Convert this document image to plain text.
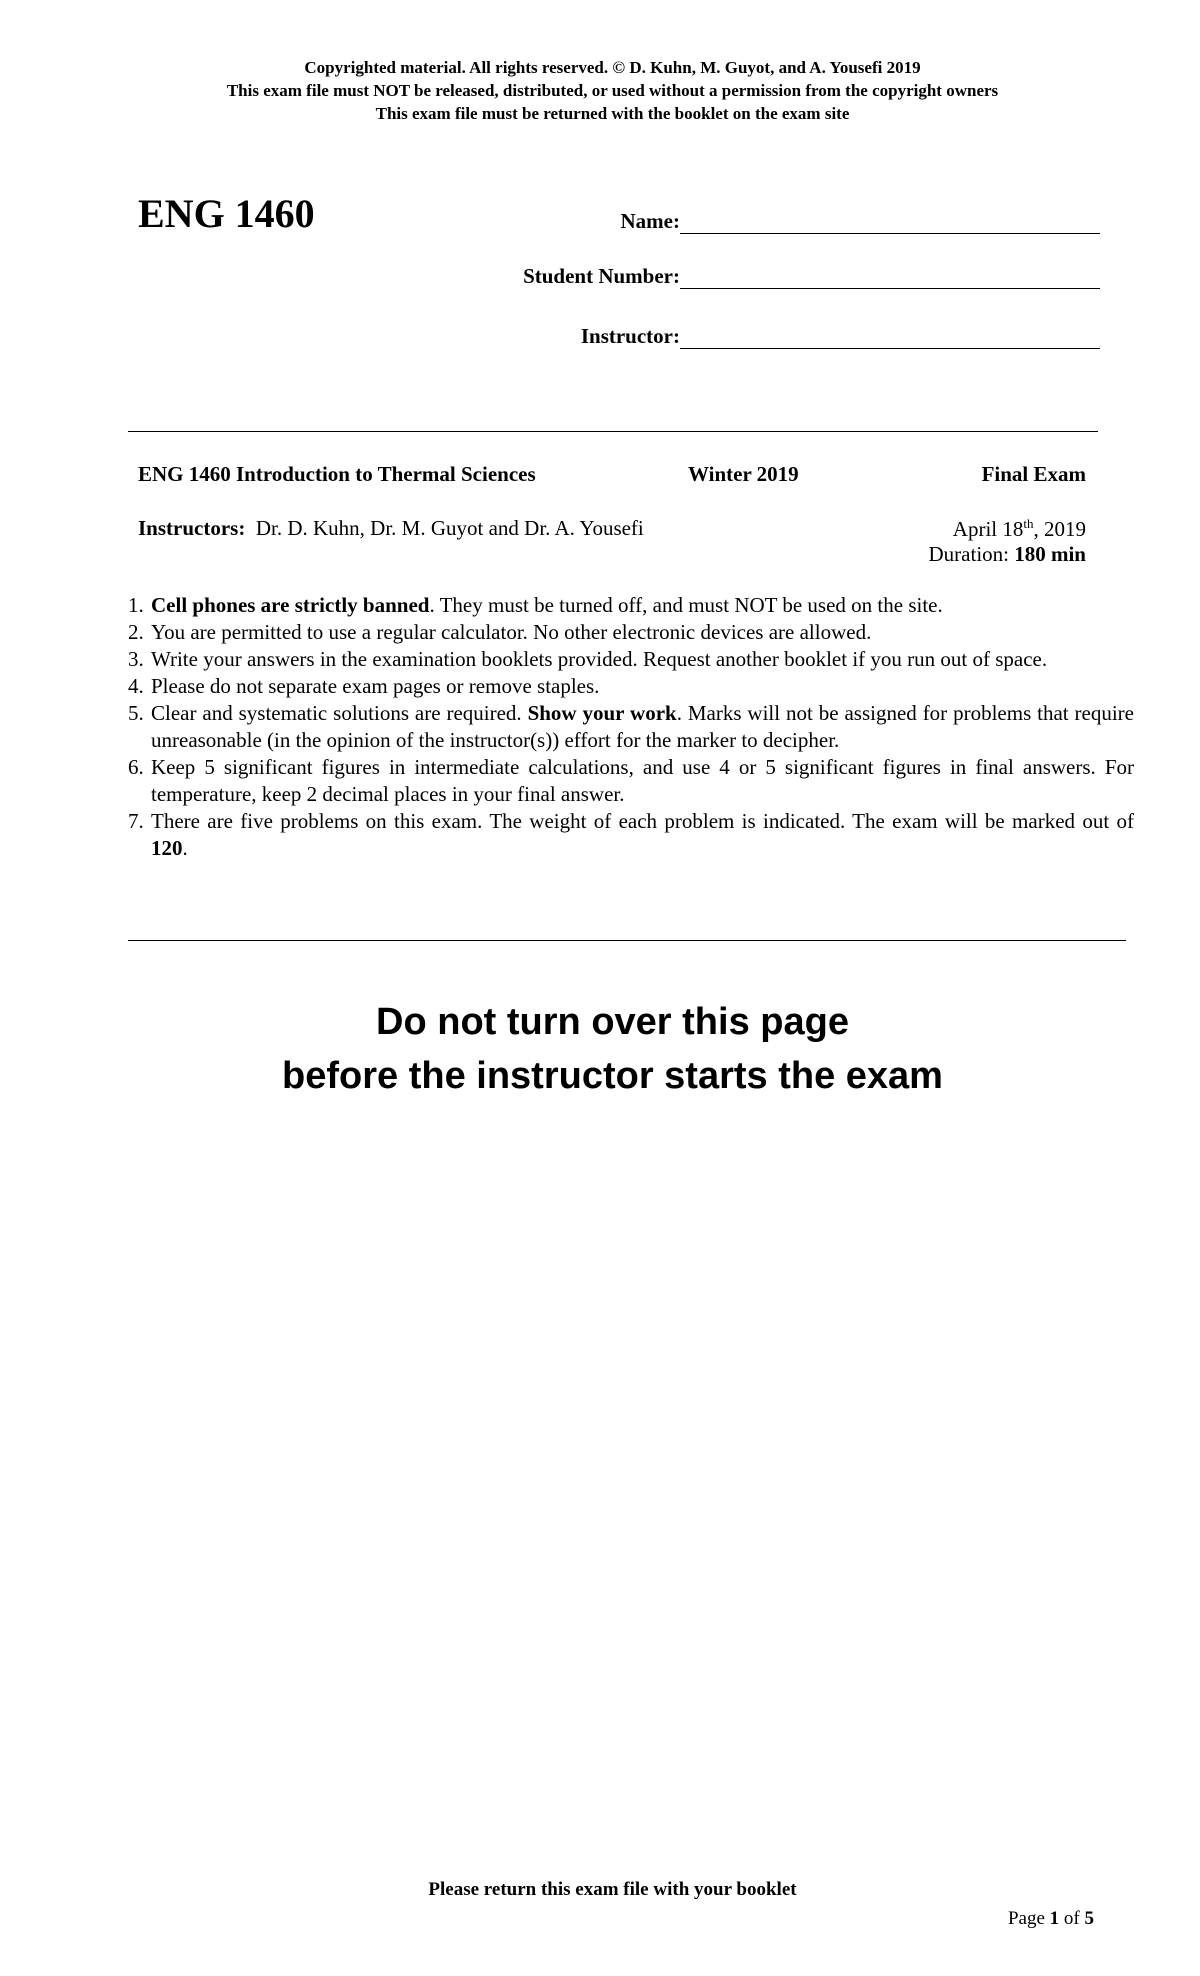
Copyrighted material. All rights reserved. © D. Kuhn, M. Guyot, and A. Yousefi 2019
This exam file must NOT be released, distributed, or used without a permission from the copyright owners
This exam file must be returned with the booklet on the exam site
ENG 1460	Name:
Student Number:
Instructor:
ENG 1460 Introduction to Thermal Sciences	Winter 2019	Final Exam
Instructors: Dr. D. Kuhn, Dr. M. Guyot and Dr. A. Yousefi	April 18th, 2019
Duration: 180 min
1. Cell phones are strictly banned. They must be turned off, and must NOT be used on the site.
2. You are permitted to use a regular calculator. No other electronic devices are allowed.
3. Write your answers in the examination booklets provided. Request another booklet if you run out of space.
4. Please do not separate exam pages or remove staples.
5. Clear and systematic solutions are required. Show your work. Marks will not be assigned for problems that require unreasonable (in the opinion of the instructor(s)) effort for the marker to decipher.
6. Keep 5 significant figures in intermediate calculations, and use 4 or 5 significant figures in final answers. For temperature, keep 2 decimal places in your final answer.
7. There are five problems on this exam. The weight of each problem is indicated. The exam will be marked out of 120.
Do not turn over this page
before the instructor starts the exam
Please return this exam file with your booklet
Page 1 of 5
